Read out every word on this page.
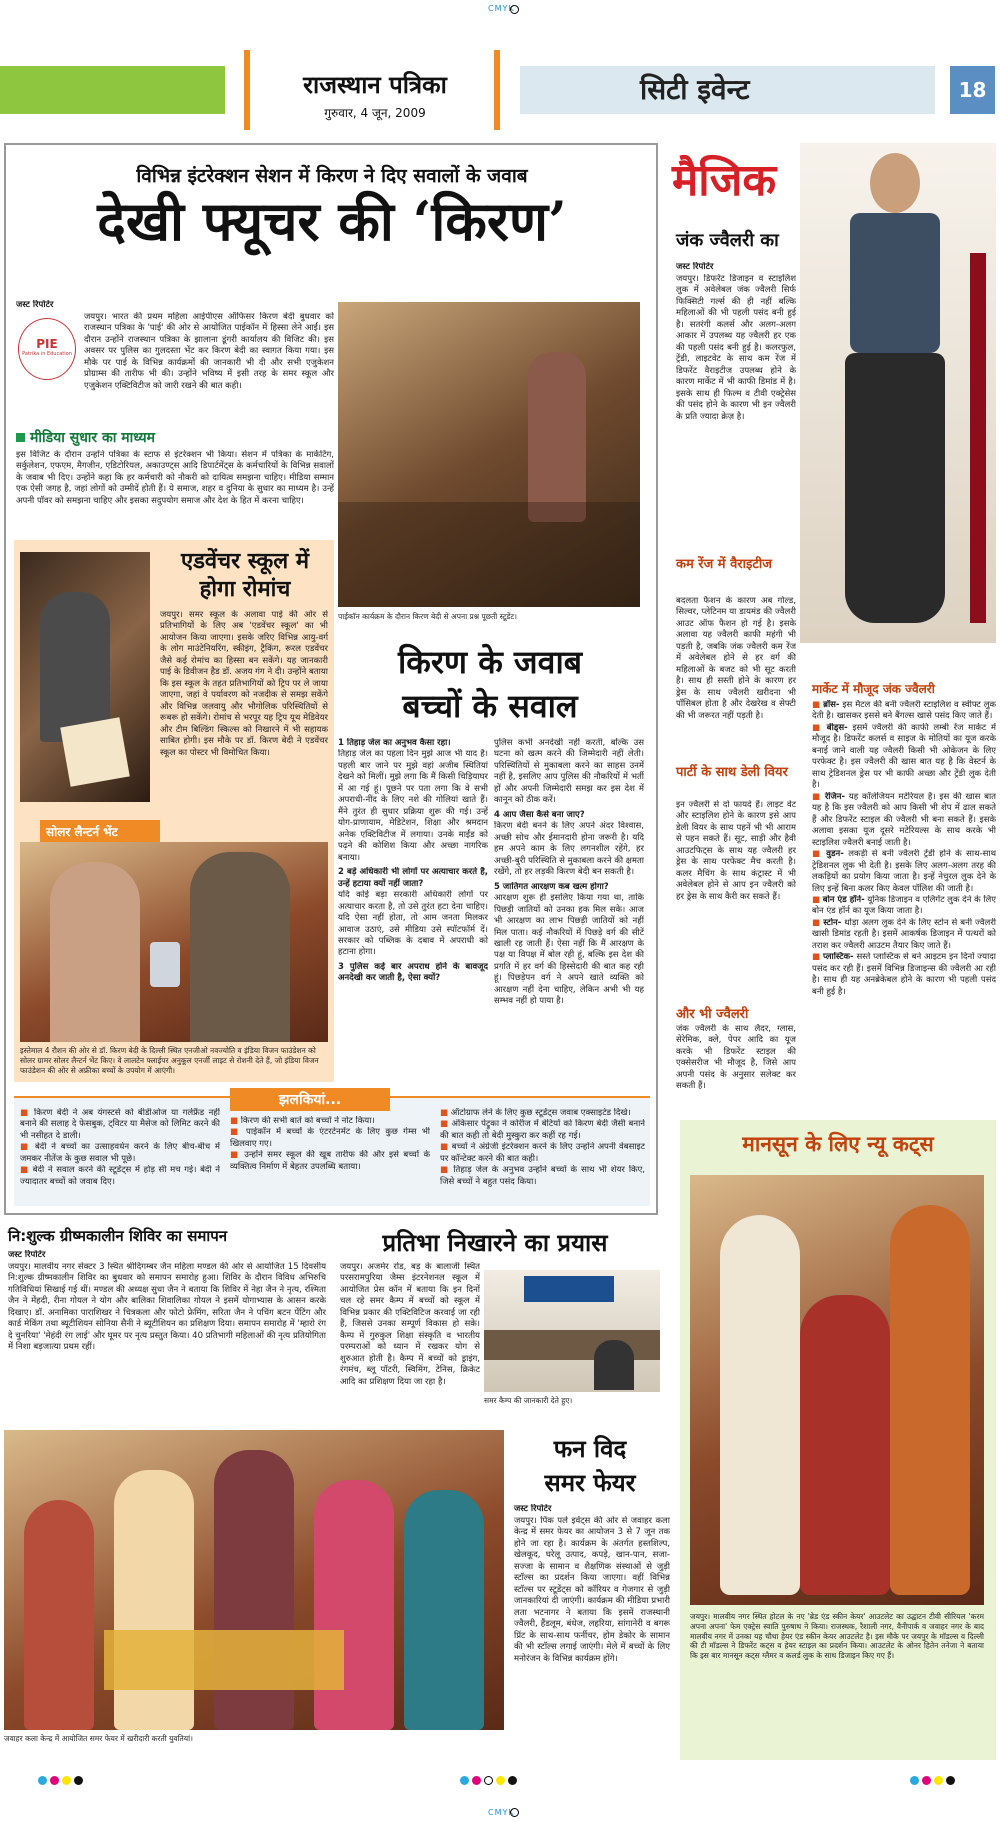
CMYK
राजस्थान पत्रिका
गुरुवार, 4 जून, 2009
सिटी इवेन्ट	18
विभिन्न इंटरेक्शन सेशन में किरण ने दिए सवालों के जवाब
देखी फ्यूचर की ‘किरण’
जस्ट रिपोर्टर
PIE
Patrika in Education
जयपुर। भारत की प्रथम महिला आईपीएस ऑफिसर किरण बेदी बुधवार को राजस्थान पत्रिका के 'पाई' की ओर से आयोजित पाईकॉन में हिस्सा लेने आईं। इस दौरान उन्होंने राजस्थान पत्रिका के झालाना डूंगरी कार्यालय की विजिट की। इस अवसर पर पुलिस का गुलदस्ता भेंट कर किरण बेदी का स्वागत किया गया। इस मौके पर पाई के विभिन्न कार्यक्रमों की जानकारी भी दी और सभी एजुकेशन प्रोग्राम्स की तारीफ भी की। उन्होंने भविष्य में इसी तरह के समर स्कूल और एजुकेशन एक्टिविटीज को जारी रखने की बात कही।
मीडिया सुधार का माध्यम
इस विजिट के दौरान उन्होंने पत्रिका के स्टाफ से इंटरेक्शन भी किया। सेशन में पत्रिका के मार्केटिंग, सर्कुलेशन, एफएम, मैगजीन, एडिटोरियल, अकाउण्ट्स आदि डिपार्टमेंट्स के कर्मचारियों के विभिन्न सवालों के जवाब भी दिए। उन्होंने कहा कि हर कर्मचारी को नौकरी को दायित्व समझना चाहिए। मीडिया सम्मान एक ऐसी जगह है, जहां लोगों को उम्मीदें होती हैं। ये समाज, शहर व दुनिया के सुधार का माध्यम है। उन्हें अपनी पॉवर को समझना चाहिए और इसका सदुपयोग समाज और देश के हित में करना चाहिए।
पाईकॉन कार्यक्रम के दौरान किरण बेदी से अपना प्रश्न पूछती स्टूडेंट।
एडवेंचर स्कूल में होगा रोमांच
जयपुर। समर स्कूल के अलावा पाई की ओर से प्रतिभागियों के लिए अब 'एडवेंचर स्कूल' का भी आयोजन किया जाएगा। इसके जरिए विभिन्न आयु-वर्ग के लोग माउंटेनियरिंग, स्कीइंग, ट्रैकिंग, रूरल एडवेंचर जैसे कई रोमांच का हिस्सा बन सकेंगे। यह जानकारी पाई के डिवीजन हैड डॉ. अजय गंग ने दी। उन्होंने बताया कि इस स्कूल के तहत प्रतिभागियों को ट्रिप पर ले जाया जाएगा, जहां वे पर्यावरण को नजदीक से समझ सकेंगे और विभिन्न जलवायु और भौगोलिक परिस्थितियों से रूबरू हो सकेंगे। रोमांच से भरपूर यह ट्रिप यूथ मेडिवेयर और टीम बिल्डिंग स्किल्स को निखारने में भी सहायक साबित होगी। इस मौके पर डॉ. किरण बेदी ने एडवेंचर स्कूल का पोस्टर भी विमोचित किया।
सोलर लैन्टर्न भेंट
इस्तेमाल 4 रौशन की ओर से डॉ. किरण बेदी के दिल्ली स्थित एनजीओ नवज्योति व इंडिया विजन फाउंडेशन को सोलर ग्रामर सोलर लैन्टर्न भेंट किए। वे लालटेन फ्लाईपर अनुकूल एनर्जी लाइट से रोशनी देते हैं, जो इंडिया विजन फाउंडेशन की ओर से अफ्रीका बच्चों के उपयोग में आएंगी।
किरण के जवाब
बच्चों के सवाल
1 तिहाड़ जेल का अनुभव कैसा रहा।
तिहाड़ जेल का पहला दिन मुझे आज भी याद है। पहली बार जाने पर मुझे वहां अजीब स्थितियां देखने को मिलीं। मुझे लगा कि मैं किसी चिड़ियाघर में आ गई हूं। पूछने पर पता लगा कि वे सभी अपराधी-नींद के लिए नशे की गोलियां खाते हैं। मैंने तुरंत ही सुधार प्रक्रिया शुरू की गई। उन्हें योग-प्राणायाम, मेडिटेशन, शिक्षा और श्रमदान अनेक एक्टिविटीज में लगाया। उनके माईंड को पढ़ने की कोशिश किया और अच्छा नागरिक बनाया।
2 बड़े अधिकारी भी लोगों पर अत्याचार करते है, उन्हें हटाया क्यों नहीं जाता?
यदि कोई बड़ा सरकारी अधिकारी लोगों पर अत्याचार करता है, तो उसे तुरंत हटा देना चाहिए। यदि ऐसा नहीं होता, तो आम जनता मिलकर आवाज उठाएं, उसे मीडिया उसे स्पॉटफॉर्म दें। सरकार को पब्लिक के दबाव में अपराधी को हटाना होगा।
3 पुलिस कई बार अपराध होने के बावजूद अनदेखी कर जाती है, ऐसा क्यों?
पुलिस कभी अनदेखी नहीं करती, बल्कि उस घटना को खत्म करने की जिम्मेदारी नहीं लेती। परिस्थितियों से मुकाबला करने का साहस उनमें नहीं है, इसलिए आप पुलिस की नौकरियों में भर्ती हों और अपनी जिम्मेदारी समझ कर इस देश में कानून को ठीक करें।
4 आप जैसा कैसे बना जाए?
किरण बेदी बनने के लिए अपने अंदर विश्वास, अच्छी सोच और ईमानदारी होना जरूरी है। यदि हम अपने काम के लिए लगनशील रहेंगे, हर अच्छी-बुरी परिस्थिति से मुकाबला करने की क्षमता रखेंगे, तो हर लड़की किरण बेदी बन सकती है।
5 जातिगत आरक्षण कब खत्म होगा?
आरक्षण शुरू ही इसलिए किया गया था, ताकि पिछड़ी जातियों को उनका हक मिल सके। आज भी आरक्षण का लाभ पिछड़ी जातियों को नहीं मिल पाता। कई नौकरियों में पिछड़े वर्ग की सीटें खाली रह जाती हैं। ऐसा नहीं कि मैं आरक्षण के पक्ष या विपक्ष में बोल रही हूं, बल्कि इस देश की प्रगति में हर वर्ग की हिस्सेदारी की बात कह रही हूं। पिछड़ेपन वर्ग ने अपने खाते व्यक्ति को आरक्षण नहीं देना चाहिए, लेकिन अभी भी यह सम्भव नहीं हो पाया है।
झलकियां...
■ किरण बेदी ने अब यंगस्टर्स को बीडीओज या गर्लफ्रैंड नहीं बनाने की सलाह दे फेसबुक, ट्विटर या मैसेज को लिमिट करने की भी नसीहत दे डाली।
■ बेदी ने बच्चों का उत्साहवर्धन करने के लिए बीच-बीच में जमकर नीतेंज के कुछ सवाल भी पूछे।
■ बेदी ने सवाल करने की स्टूडेंट्स में होड़ सी मच गई। बेदी ने ज्यादातर बच्चों को जवाब दिए।
■ किरण की सभी बातें को बच्चों ने नोट किया।
■ पाईकॉन में बच्चों के एंटरटेनमेंट के लिए कुछ गेम्स भी खिलवाए गए।
■ उन्होंने समर स्कूल की खूब तारीफ की और इसे बच्चों के व्यक्तित्व निर्माण में बेहतर उपलब्धि बताया।
■ ऑटोग्राफ लेने के लिए कुछ स्टूडेंट्स जवाब एक्साइटेड दिखे।
■ अंकिसार पेट्रुका ने कोरीज में बेटियों को किरण बेदी जैसी बनाने की बात कही तो बेदी मुस्कुरा कर कहीं रह गई।
■ बच्चों ने अंग्रेजी इंटरेक्शन करने के लिए उन्होंने अपनी वेबसाइट पर कॉन्टेक्ट करने की बात कही।
■ तिहाड़ जेल के अनुभव उन्होंने बच्चों के साथ भी शेयर किए, जिसे बच्चों ने बहुत पसंद किया।
मैजिक
जंक ज्वैलरी का
जस्ट रिपोर्टर
जयपुर। डिफरेंट डिजाइन व स्टाइलिश लुक में अवेलेबल जंक ज्वैलरी सिर्फ फिक्सिटी गर्ल्स की ही नहीं बल्कि महिलाओं की भी पहली पसंद बनी हुई है। सतरंगी कलर्स और अलग-अलग आकार में उपलब्ध यह ज्वैलरी हर एक की पहली पसंद बनी हुई है। कलरफुल, ट्रेंडी, लाइटवेट के साथ कम रेंज में डिफरेंट वैराइटीज उपलब्ध होने के कारण मार्केट में भी काफी डिमांड में है। इसके साथ ही फिल्म व टीवी एक्ट्रेसेस की पसंद होने के कारण भी इन ज्वैलरी के प्रति ज्यादा क्रेज़ है।
कम रेंज में वैराइटीज
बदलता फैशन के कारण अब गोल्ड, सिल्वर, प्लेटिनम या डायमंड की ज्वैलरी आउट ऑफ फैशन हो गई है। इसके अलावा यह ज्वैलरी काफी महंगी भी पड़ती है, जबकि जंक ज्वैलरी कम रेंज में अवेलेबल होने से हर वर्ग की महिलाओं के बजट को भी सूट करती है। साथ ही सस्ती होने के कारण हर ड्रेस के साथ ज्वैलरी खरीदना भी पॉसिबल होता है और देखरेख व सेफ्टी की भी जरूरत नहीं पड़ती है।
पार्टी के साथ डेली वियर
इन ज्वैलरी से दो फायदे हैं। लाइट वेट और स्टाइलिश होने के कारण इसे आप डेली वियर के साथ पहनें भी भी आराम से पहन सकते हैं। सूट, साड़ी और हैवी आउटफिट्स के साथ यह ज्वैलरी हर ड्रेस के साथ परफेक्ट मैच करती है। कलर मैचिंग के साथ कंट्रास्ट में भी अवेलेबल होने से आप इन ज्वैलरी को हर ड्रेस के साथ कैरी कर सकते हैं।
और भी ज्वैलरी
जंक ज्वैलरी के साथ लैदर, ग्लास, सेरेमिक, क्ले, पेपर आदि का यूज करके भी डिफरेंट स्टाइल की एक्सेसरीज भी मौजूद है, जिसे आप अपनी पसंद के अनुसार सलेक्ट कर सकती हैं।
मार्केट में मौजूद जंक ज्वैलरी
■ ब्रॉस- इस मैटल की बनी ज्वैलरी स्टाइलिश व स्वीफ्ट लुक देती है। खासकर इससे बने बैंगल्स खासे पसंद किए जाते हैं।
■ बीड्स- इसमें ज्वैलरी की काफी लम्बी रेंज मार्केट में मौजूद है। डिफरेंट कलर्स व साइज के मोतियों का यूज करके बनाई जाने वाली यह ज्वैलरी किसी भी ओकेजन के लिए परफेक्ट है। इस ज्वैलरी की खास बात यह है कि वेस्टर्न के साथ ट्रेडिशनल ड्रेस पर भी काफी अच्छा और ट्रेंडी लुक देती है।
■ रेजिन- यह कॉलेजियन मटेरियल है। इस की खास बात यह है कि इस ज्वैलरी को आप किसी भी शेप में ढाल सकते हैं और डिफरेंट स्टाइल की ज्वैलरी भी बना सकते हैं। इसके अलावा इसका यूज दूसरे मटेरियल्स के साथ करके भी स्टाइलिश ज्वैलरी बनाई जाती है।
■ वुडन- लकड़ी से बनी ज्वैलरी ट्रेंडी होने के साथ-साथ ट्रेडिशनल लुक भी देती है। इसके लिए अलग-अलग तरह की लकड़ियों का प्रयोग किया जाता है। इन्हें नेचुरल लुक देने के लिए इन्हें बिना कलर किए केवल पॉलिश की जाती है।
■ बोन एंड हॉर्न- यूनिक डिजाइन व एलिगेंट लुक देने के लिए बोन एंड हॉर्न का यूज किया जाता है।
■ स्टोन- थोड़ा अलग लुक देने के लिए स्टोन से बनी ज्वैलरी खासी डिमांड रहती है। इसमें आकर्षक डिजाइन में पत्थरों को तराश कर ज्वैलरी आउटम तैयार किए जाते हैं।
■ प्लास्टिक- सस्ते प्लास्टिक से बने आइटम इन दिनों ज्यादा पसंद कर रही हैं। इसमें विभिन्न डिजाइन्स की ज्वैलरी आ रही है। साथ ही यह अनब्रेकेबल होने के कारण भी पहली पसंद बनी हुई है।
मानसून के लिए न्यू कट्स
जयपुर। मालवीय नगर स्थित होटल के नए 'ब्रेड एंड स्कीन केयर' आउटलेट का उद्घाटन टीवी सीरियल 'करम अपना अपना' फेम एक्ट्रेस स्वाति पुरुषाथ ने किया। राजस्थक, रैशाली नगर, वैनीपार्क व जवाहर नगर के बाद मालवीय नगर में उनका यह चौथा हेयर एंड स्कीन केयर आउटलेट है। इस मौके पर जयपुर के मॉडल्स व दिल्ली की टी मॉडल्स ने डिफरेंट कट्स व हेयर स्टाइल का प्रदर्शन किया। आउटलेट के ओनर हितेन तनेजा ने बताया कि इस बार मानसून कट्स ग्लैमर व कलर्ड लुक के साथ डिजाइन किए गए हैं।
नि:शुल्क ग्रीष्मकालीन शिविर का समापन
जस्ट रिपोर्टर
जयपुर। मालवीय नगर सेक्टर 3 स्थित श्रीदिगम्बर जैन महिला मण्डल की ओर से आयोजित 15 दिवसीय नि:शुल्क ग्रीष्मकालीन शिविर का बुधवार को समापन समारोह हुआ। शिविर के दौरान विविध अभिरुचि गतिविधियां सिखाई गई थीं। मण्डल की अध्यक्ष सुधा जैन ने बताया कि शिविर में नेहा जैन ने नृत्य, रश्मिता जैन ने मेंहदी, रीना गोयल ने योग और बालिका शिवालिका गोयल ने इसमें योगाभ्यास के आसन करके दिखाए। डॉ. अनामिका पाराशिखर ने चित्रकला और फोटो फ्रेमिंग, सरिता जैन ने पचिंग बटन पेंटिंग और कार्ड मेकिंग तथा ब्यूटीशियन सोनिया सैनी ने ब्यूटीशियन का प्रशिक्षण दिया। समापन समारोह में 'म्हारो रंग दे चुनरिया' 'मेहंदी रंग लाई' और घूमर पर नृत्य प्रस्तुत किया। 40 प्रतिभागी महिलाओं की नृत्य प्रतियोगिता में निशा बड़जात्या प्रथम रहीं।
प्रतिभा निखारने का प्रयास
जयपुर। अजमेर रोड, बड़ के बालाजी स्थित परसरामपुरिया जैम्स इंटरनेशनल स्कूल में आयोजित प्रेस कॉन में बताया कि इन दिनों चल रहे समर कैम्प में बच्चों को स्कूल में विभिन्न प्रकार की एक्टिविटिज करवाई जा रही हैं, जिससे उनका सम्पूर्ण विकास हो सके। कैम्प में गुरुकुल शिक्षा संस्कृति व भारतीय परम्पराओं को ध्यान में रखकर योग से शुरुआत होती है। कैम्प में बच्चों को ड्राइंग, रंगमंच, ब्लू पॉटरी, स्विमिंग, टेनिस, क्रिकेट आदि का प्रशिक्षण दिया जा रहा है।
समर कैम्प की जानकारी देते हुए।
जवाहर कला केन्द्र में आयोजित समर फेयर में खरीदारी करती युवतियां।
फन विद
समर फेयर
जस्ट रिपोर्टर
जयपुर। पिंक पर्ल इवेंट्स की ओर से जवाहर कला केन्द्र में समर फेयर का आयोजन 3 से 7 जून तक होने जा रहा है। कार्यक्रम के अंतर्गत हस्तशिल्प, खेलकूद, घरेलू उत्पाद, कपड़े, खान-पान, सजा-सज्जा के सामान व शैक्षणिक संस्थाओं से जुड़ी स्टॉल्स का प्रदर्शन किया जाएगा। वहीं विभिन्न स्टॉल्स पर स्टूडेंट्स को कॉरियर व गेजगार से जुड़ी जानकारियां दी जाएंगी। कार्यक्रम की मीडिया प्रभारी लता भटनागर ने बताया कि इसमें राजस्थानी ज्वैलरी, हैंडलूम, बंधेज, लहरिया, सांगानेरी व बगरू प्रिंट के साथ-साथ फर्नीचर, होम डेकोर के सामान की भी स्टॉल्स लगाई जाएंगी। मेले में बच्चों के लिए मनोरंजन के विभिन्न कार्यक्रम होंगे।
CMYK
